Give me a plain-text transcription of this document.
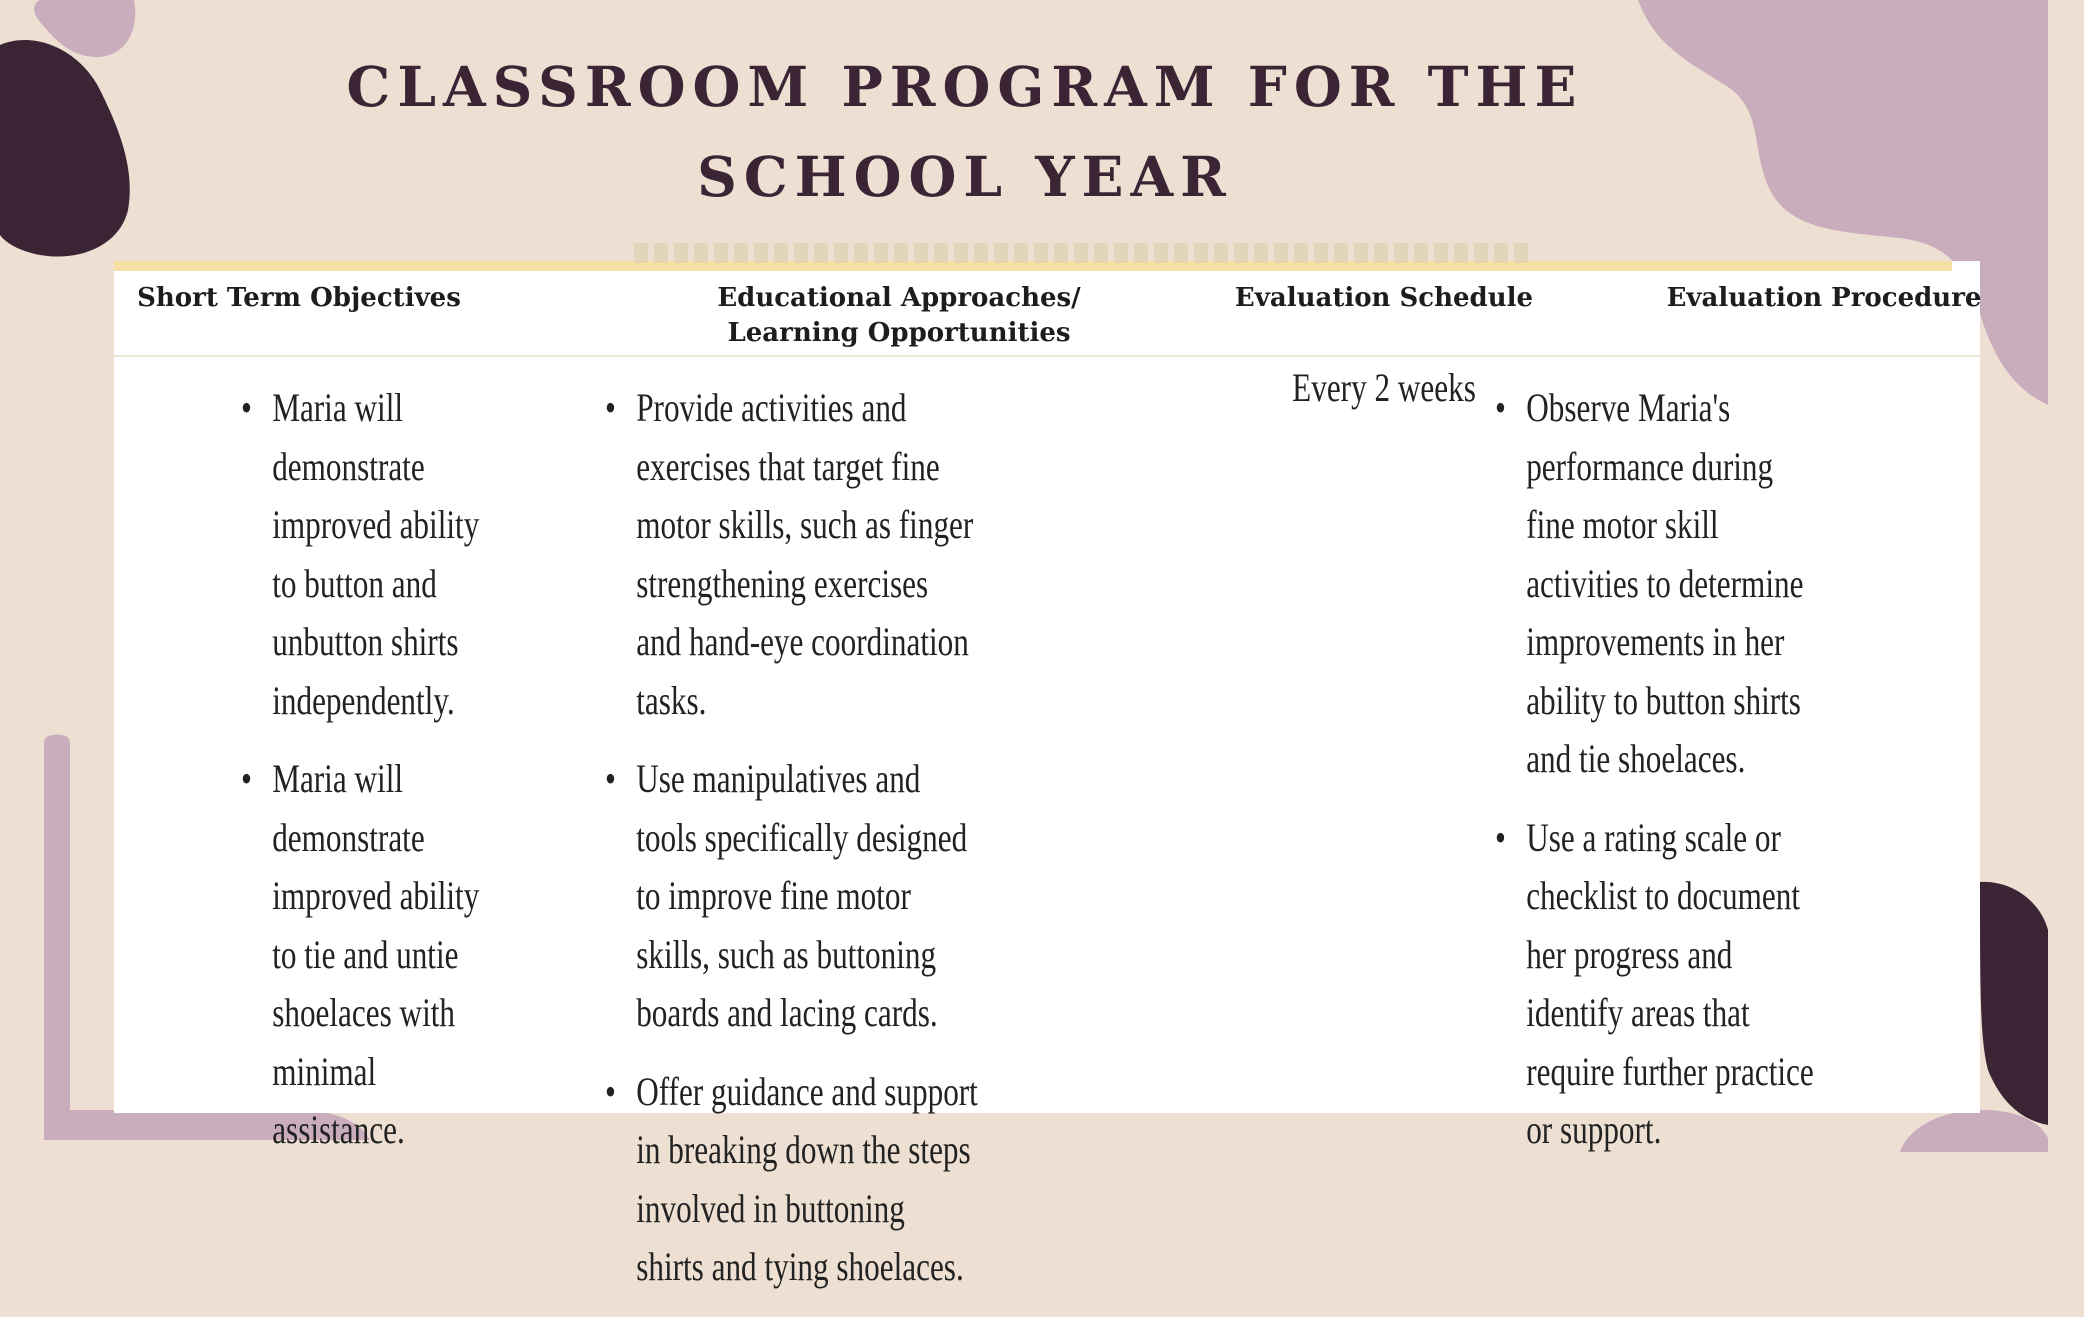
CLASSROOM PROGRAM FOR THE
SCHOOL YEAR

Short Term Objectives	Educational Approaches/
Learning Opportunities

Evaluation Schedule	Evaluation Procedure

• Maria will demonstrate improved ability to button and unbutton shirts independently.
• Maria will demonstrate improved ability to tie and untie shoelaces with minimal assistance.
• Provide activities and exercises that target fine motor skills, such as finger strengthening exercises and hand-eye coordination tasks.
• Use manipulatives and tools specifically designed to improve fine motor skills, such as buttoning boards and lacing cards.
• Offer guidance and support in breaking down the steps involved in buttoning shirts and tying shoelaces.
Every 2 weeks
•	Observe Maria's performance during fine motor skill activities to determine improvements in her ability to button shirts and tie shoelaces.
• Use a rating scale or checklist to document her progress and identify areas that require further practice or support.
